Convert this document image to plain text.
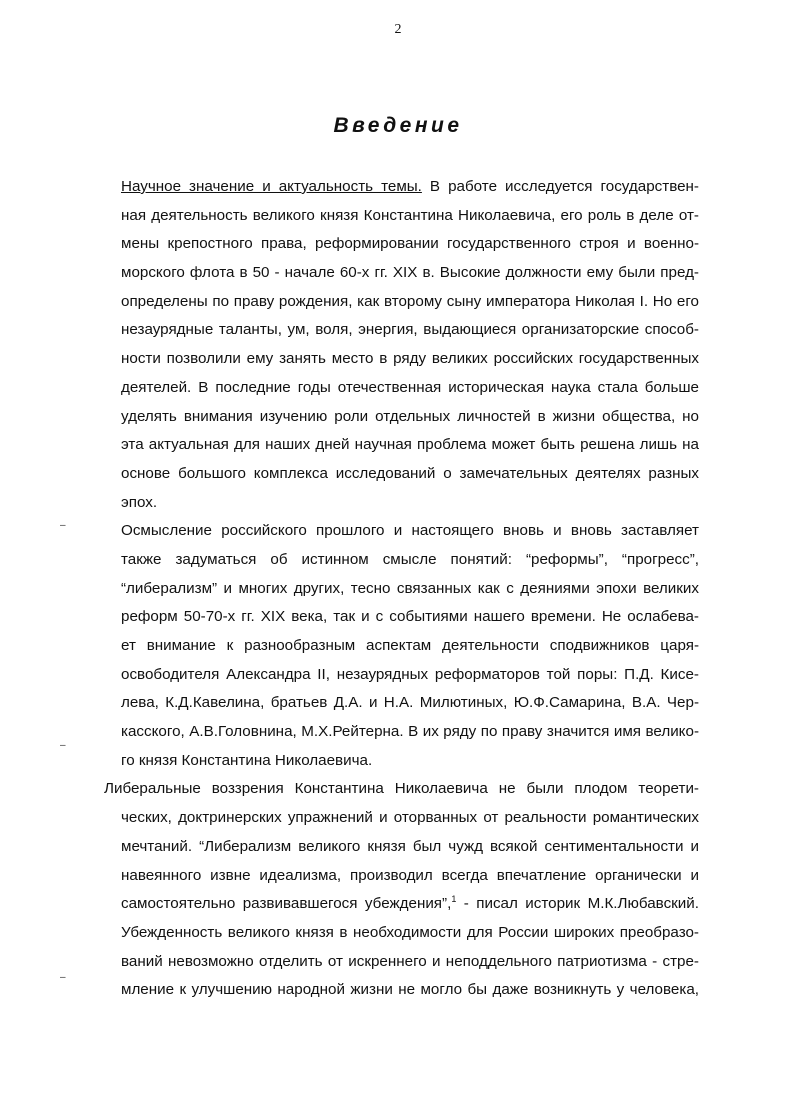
2
Введение
–
–
–
Научное значение и актуальность темы. В работе исследуется государствен-
ная деятельность великого князя Константина Николаевича, его роль в деле от-
мены крепостного права, реформировании государственного строя и военно-
морского флота в 50 - начале 60-х гг. XIX в. Высокие должности ему были пред-
определены по праву рождения, как второму сыну императора Николая I. Но его
незаурядные таланты, ум, воля, энергия, выдающиеся организаторские способ-
ности позволили ему занять место в ряду великих российских государственных
деятелей. В последние годы отечественная историческая наука стала больше
уделять внимания изучению роли отдельных личностей в жизни общества, но
эта актуальная для наших дней научная проблема может быть решена лишь на
основе большого комплекса исследований о замечательных деятелях разных
эпох.
Осмысление российского прошлого и настоящего вновь и вновь заставляет
также задуматься об истинном смысле понятий: “реформы”, “прогресс”,
“либерализм” и многих других, тесно связанных как с деяниями эпохи великих
реформ 50-70-х гг. XIX века, так и с событиями нашего времени. Не ослабева-
ет внимание к разнообразным аспектам деятельности сподвижников царя-
освободителя Александра II, незаурядных реформаторов той поры: П.Д. Кисе-
лева, К.Д.Кавелина, братьев Д.А. и Н.А. Милютиных, Ю.Ф.Самарина, В.А. Чер-
касского, А.В.Головнина, М.Х.Рейтерна. В их ряду по праву значится имя велико-
го князя Константина Николаевича.
Либеральные воззрения Константина Николаевича не были плодом теорети-
ческих, доктринерских упражнений и оторванных от реальности романтических
мечтаний. “Либерализм великого князя был чужд всякой сентиментальности и
навеянного извне идеализма, производил всегда впечатление органически и
самостоятельно развивавшегося убеждения”,$^1$ - писал историк М.К.Любавский.
Убежденность великого князя в необходимости для России широких преобразо-
ваний невозможно отделить от искреннего и неподдельного патриотизма - стре-
мление к улучшению народной жизни не могло бы даже возникнуть у человека,
